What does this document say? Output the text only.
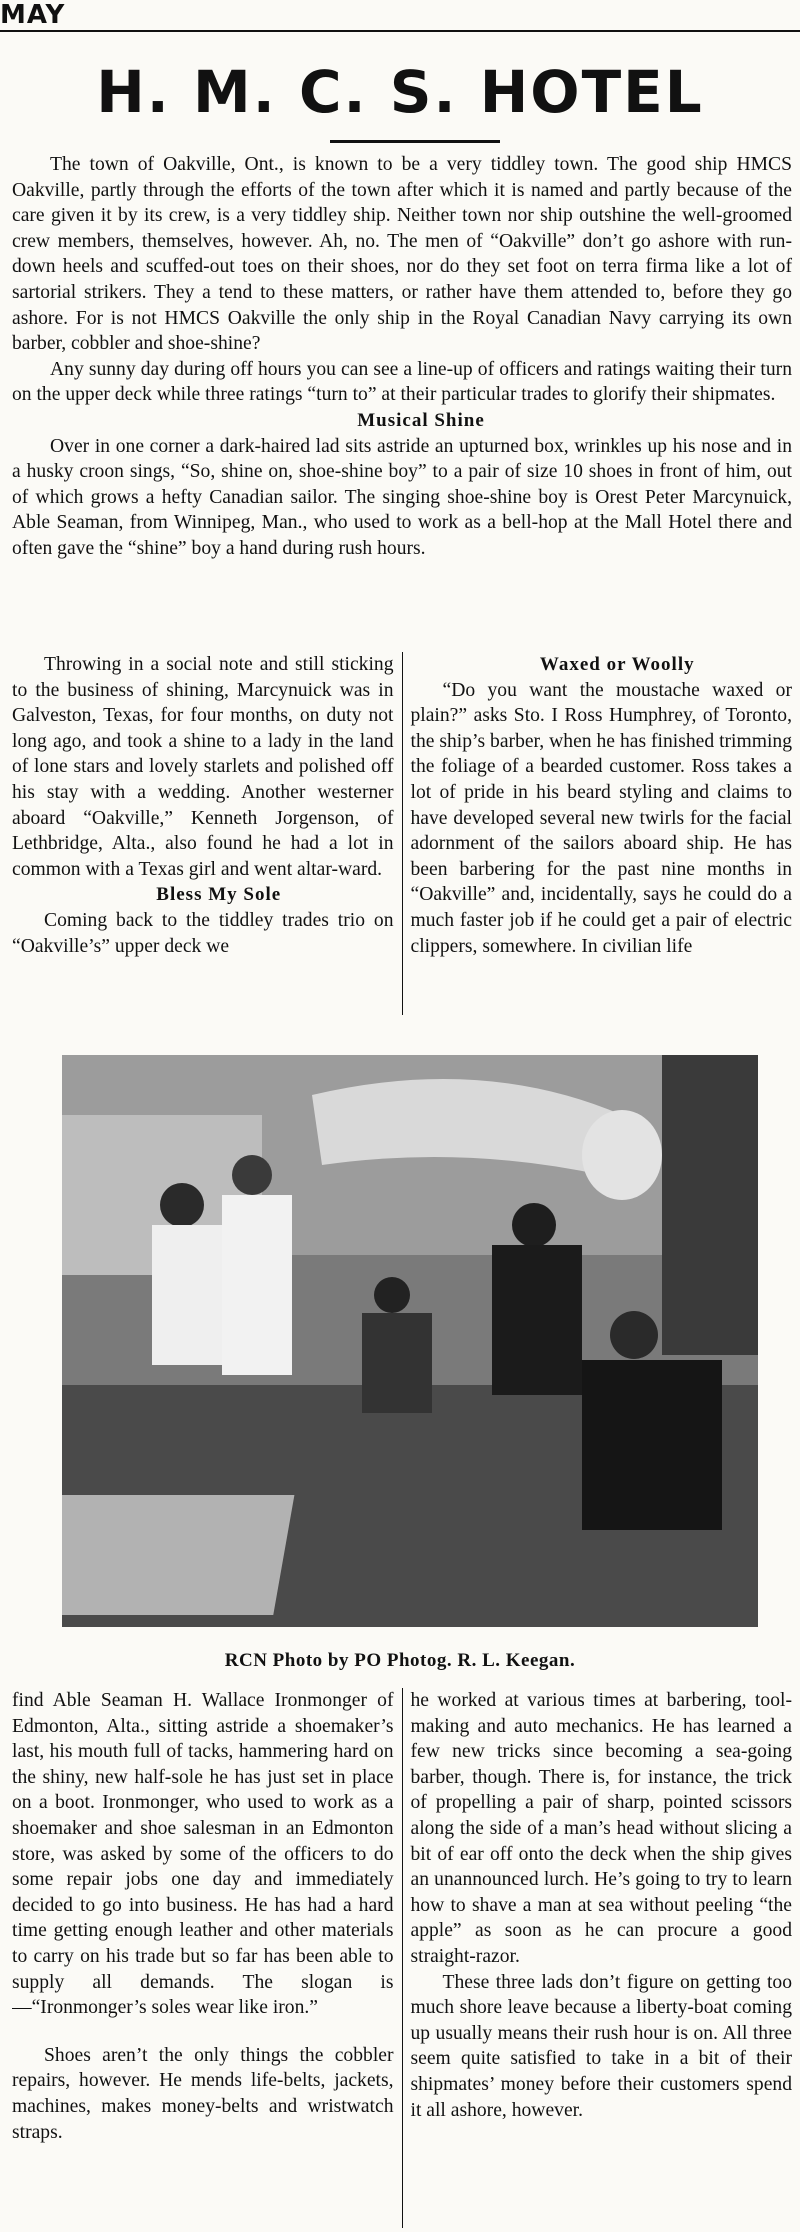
MAY
H. M. C. S. HOTEL

The town of Oakville, Ont., is known to be a very tiddley town. The good ship HMCS Oakville, partly through the efforts of the town after which it is named and partly because of the care given it by its crew, is a very tiddley ship. Neither town nor ship outshine the well-groomed crew members, themselves, however. Ah, no. The men of “Oakville” don’t go ashore with run-down heels and scuffed-out toes on their shoes, nor do they set foot on terra firma like a lot of sartorial strikers. They a tend to these matters, or rather have them attended to, before they go ashore. For is not HMCS Oakville the only ship in the Royal Canadian Navy carrying its own barber, cobbler and shoe-shine?

Any sunny day during off hours you can see a line-up of officers and ratings waiting their turn on the upper deck while three ratings “turn to” at their particular trades to glorify their shipmates.

Musical Shine

Over in one corner a dark-haired lad sits astride an upturned box, wrinkles up his nose and in a husky croon sings, “So, shine on, shoe-shine boy” to a pair of size 10 shoes in front of him, out of which grows a hefty Canadian sailor. The singing shoe-shine boy is Orest Peter Marcynuick, Able Seaman, from Winnipeg, Man., who used to work as a bell-hop at the Mall Hotel there and often gave the “shine” boy a hand during rush hours.

Throwing in a social note and still sticking to the business of shining, Marcynuick was in Galveston, Texas, for four months, on duty not long ago, and took a shine to a lady in the land of lone stars and lovely starlets and polished off his stay with a wedding. Another westerner aboard “Oakville,” Kenneth Jorgenson, of Lethbridge, Alta., also found he had a lot in common with a Texas girl and went altar-ward.

Bless My Sole

Coming back to the tiddley trades trio on “Oakville’s” upper deck we

Waxed or Woolly

“Do you want the moustache waxed or plain?” asks Sto. I Ross Humphrey, of Toronto, the ship’s barber, when he has finished trimming the foliage of a bearded customer. Ross takes a lot of pride in his beard styling and claims to have developed several new twirls for the facial adornment of the sailors aboard ship. He has been barbering for the past nine months in “Oakville” and, incidentally, says he could do a much faster job if he could get a pair of electric clippers, somewhere. In civilian life

RCN Photo by PO Photog. R. L. Keegan.

find Able Seaman H. Wallace Ironmonger of Edmonton, Alta., sitting astride a shoemaker’s last, his mouth full of tacks, hammering hard on the shiny, new half-sole he has just set in place on a boot. Ironmonger, who used to work as a shoemaker and shoe salesman in an Edmonton store, was asked by some of the officers to do some repair jobs one day and immediately decided to go into business. He has had a hard time getting enough leather and other materials to carry on his trade but so far has been able to supply all demands. The slogan is—“Ironmonger’s soles wear like iron.”

Shoes aren’t the only things the cobbler repairs, however. He mends life-belts, jackets, machines, makes money-belts and wristwatch straps.

he worked at various times at barbering, tool-making and auto mechanics. He has learned a few new tricks since becoming a sea-going barber, though. There is, for instance, the trick of propelling a pair of sharp, pointed scissors along the side of a man’s head without slicing a bit of ear off onto the deck when the ship gives an unannounced lurch. He’s going to try to learn how to shave a man at sea without peeling “the apple” as soon as he can procure a good straight-razor.

These three lads don’t figure on getting too much shore leave because a liberty-boat coming up usually means their rush hour is on. All three seem quite satisfied to take in a bit of their shipmates’ money before their customers spend it all ashore, however.
